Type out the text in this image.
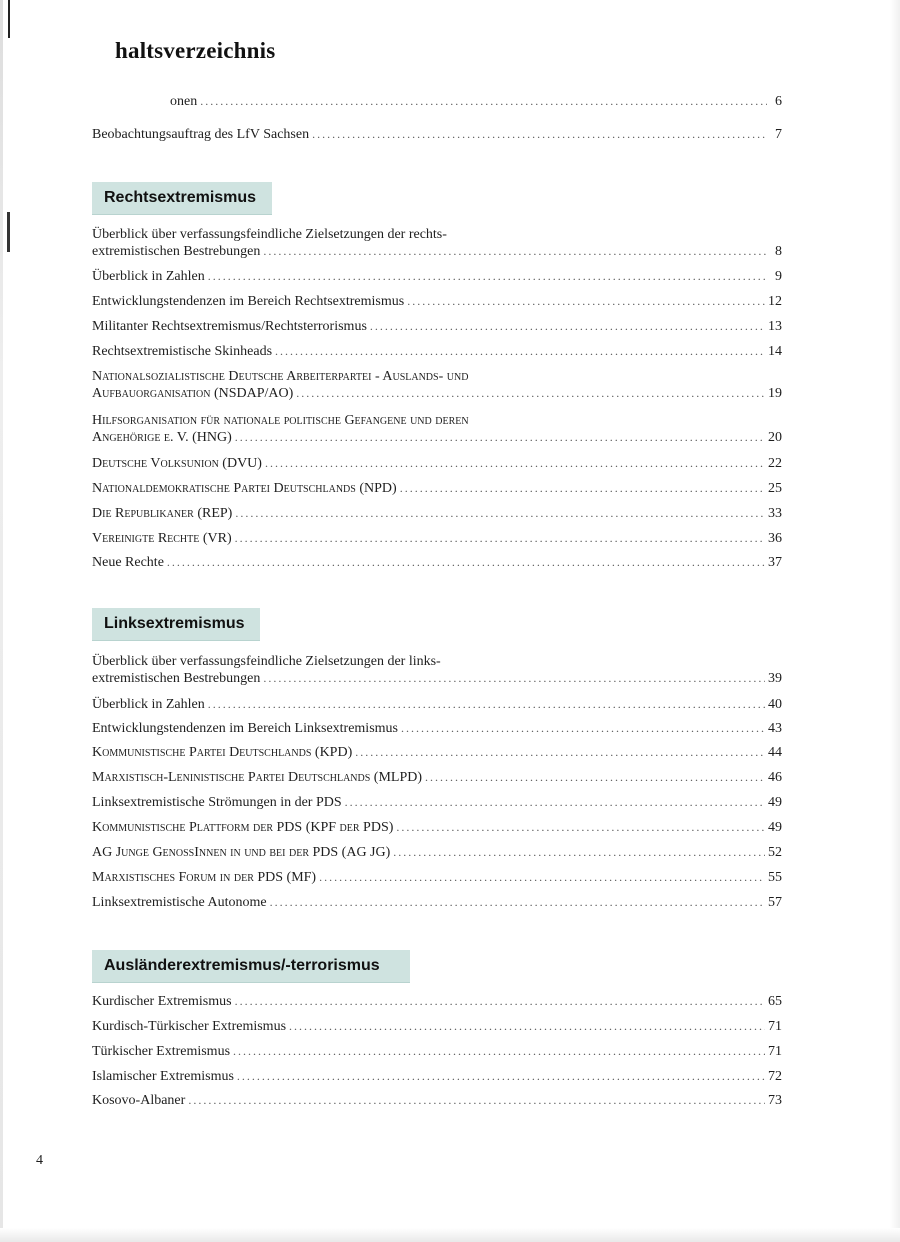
haltsverzeichnis
onen .....	6
Beobachtungsauftrag des LfV Sachsen .....	7
Rechtsextremismus
Überblick über verfassungsfeindliche Zielsetzungen der rechts-
extremistischen Bestrebungen .....	8
Überblick in Zahlen .....	9
Entwicklungstendenzen im Bereich Rechtsextremismus .....	12
Militanter Rechtsextremismus/Rechtsterrorismus .....	13
Rechtsextremistische Skinheads .....	14
Nationalsozialistische Deutsche Arbeiterpartei - Auslands- und
Aufbauorganisation (NSDAP/AO) .....	19
Hilfsorganisation für nationale politische Gefangene und deren
Angehörige e. V. (HNG) .....	20
Deutsche Volksunion (DVU) .....	22
Nationaldemokratische Partei Deutschlands (NPD) .....	25
Die Republikaner (REP) .....	33
Vereinigte Rechte (VR) .....	36
Neue Rechte .....	37
Linksextremismus
Überblick über verfassungsfeindliche Zielsetzungen der links-
extremistischen Bestrebungen .....	39
Überblick in Zahlen .....	40
Entwicklungstendenzen im Bereich Linksextremismus .....	43
Kommunistische Partei Deutschlands (KPD) .....	44
Marxistisch-Leninistische Partei Deutschlands (MLPD) .....	46
Linksextremistische Strömungen in der PDS .....	49
Kommunistische Plattform der PDS (KPF der PDS) .....	49
AG Junge GenossInnen in und bei der PDS (AG JG) .....	52
Marxistisches Forum in der PDS (MF) .....	55
Linksextremistische Autonome .....	57
Ausländerextremismus/-terrorismus
Kurdischer Extremismus .....	65
Kurdisch-Türkischer Extremismus .....	71
Türkischer Extremismus .....	71
Islamischer Extremismus .....	72
Kosovo-Albaner .....	73
4
